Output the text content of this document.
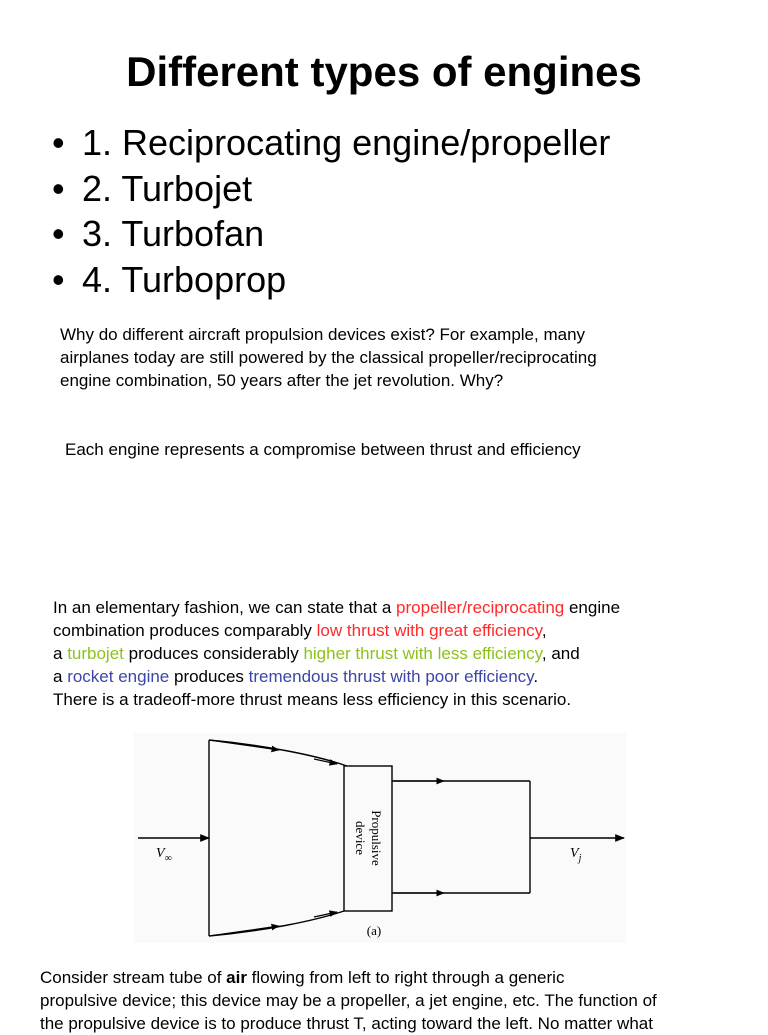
Different types of engines
• 1. Reciprocating engine/propeller
• 2. Turbojet
• 3. Turbofan
• 4. Turboprop
Why do different aircraft propulsion devices exist? For example, many
airplanes today are still powered by the classical propeller/reciprocating
engine combination, 50 years after the jet revolution. Why?
Each engine represents a compromise between thrust and efficiency
In an elementary fashion, we can state that a propeller/reciprocating engine
combination produces comparably low thrust with great efficiency,
a turbojet produces considerably higher thrust with less efficiency, and
a rocket engine produces tremendous thrust with poor efficiency.
There is a tradeoff-more thrust means less efficiency in this scenario.
Propulsive
device
$V_\infty$	$V_j$
(a)
Consider stream tube of air flowing from left to right through a generic
propulsive device; this device may be a propeller, a jet engine, etc. The function of
the propulsive device is to produce thrust T, acting toward the left. No matter what
